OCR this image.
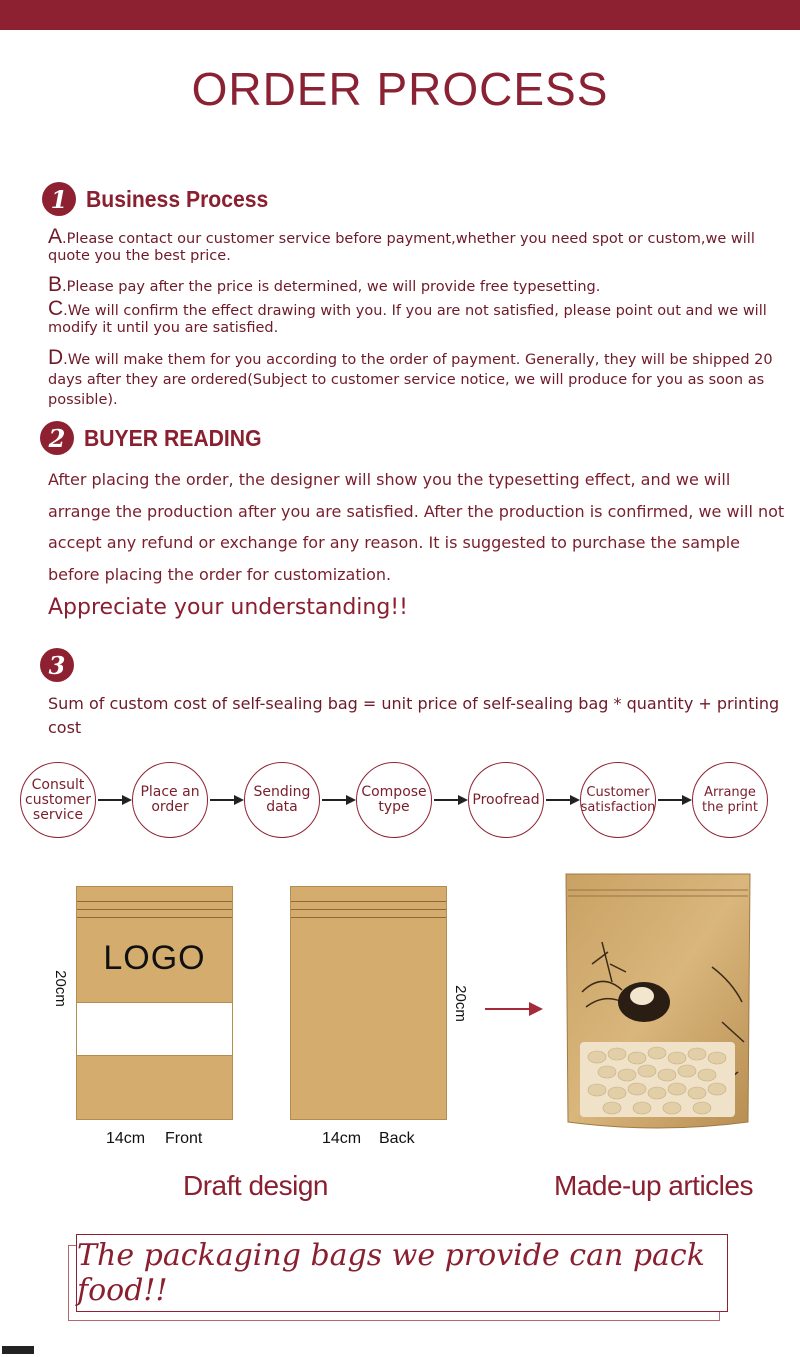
ORDER PROCESS
1 Business Process
A.Please contact our customer service before payment,whether you need spot or custom,we will quote you the best price.
B.Please pay after the price is determined, we will provide free typesetting.
C.We will confirm the effect drawing with you. If you are not satisfied, please point out and we will modify it until you are satisfied.
D.We will make them for you according to the order of payment. Generally, they will be shipped 20 days after they are ordered(Subject to customer service notice, we will produce for you as soon as possible).
2 BUYER READING
After placing the order, the designer will show you the typesetting effect, and we will arrange the production after you are satisfied. After the production is confirmed, we will not accept any refund or exchange for any reason. It is suggested to purchase the sample before placing the order for customization.
Appreciate your understanding!!
3
Sum of custom cost of self-sealing bag = unit price of self-sealing bag * quantity + printing cost
Consult customer service
Place an order
Sending data
Compose type	Proofread	Customer satisfaction
Arrange the print
LOGO
20cm
14cm Front
20cm
14cm Back
Draft design	Made-up articles
The packaging bags we provide can pack food!!
